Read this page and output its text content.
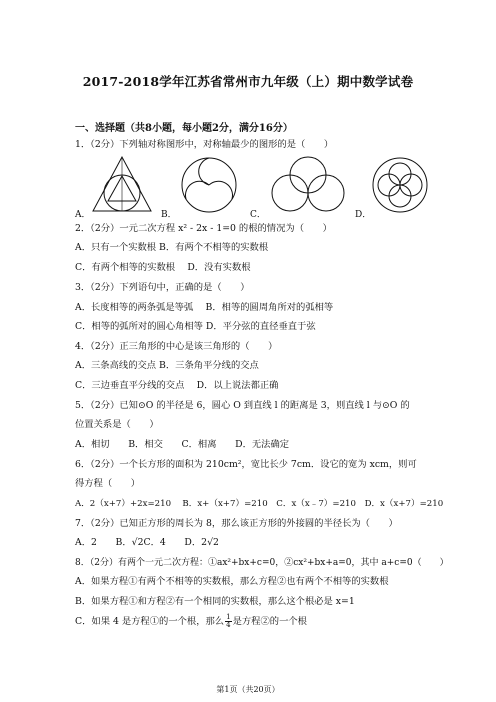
2017-2018学年江苏省常州市九年级（上）期中数学试卷
一、选择题（共8小题，每小题2分，满分16分）
1．（2分）下列轴对称图形中，对称轴最少的图形的是（　　）
A．	B．	C．	D．
2．（2分）一元二次方程 x² - 2x - 1=0 的根的情况为（　　）
A．只有一个实数根 B．有两个不相等的实数根
C．有两个相等的实数根　 D．没有实数根
3．（2分）下列语句中，正确的是（　　）
A．长度相等的两条弧是等弧　 B．相等的圆周角所对的弧相等
C．相等的弧所对的圆心角相等 D．平分弦的直径垂直于弦
4．（2分）正三角形的中心是该三角形的（　　）
A．三条高线的交点 B．三条角平分线的交点
C．三边垂直平分线的交点　 D．以上说法都正确
5．（2分）已知⊙O 的半径是 6，圆心 O 到直线 l 的距离是 3，则直线 l 与⊙O 的
位置关系是（　　）
A．相切　　B．相交　　C．相离　　D．无法确定
6．（2分）一个长方形的面积为 210cm²，宽比长少 7cm．设它的宽为 xcm，则可
得方程（　　）
A．2（x+7）+2x=210　 B．x+（x+7）=210　C．x（x﹣7）=210　D．x（x+7）=210
7．（2分）已知正方形的周长为 8，那么该正方形的外接圆的半径长为（　　）
A．2　　B．√2C．4　　D．2√2
8．（2分）有两个一元二次方程：①ax²+bx+c=0，②cx²+bx+a=0，其中 a+c=0（　　）
A．如果方程①有两个不相等的实数根，那么方程②也有两个不相等的实数根
B．如果方程①和方程②有一个相同的实数根，那么这个根必是 x=1
C．如果 4 是方程①的一个根，那么 $\frac{1}{4}$ 是方程②的一个根
第1页（共20页）
